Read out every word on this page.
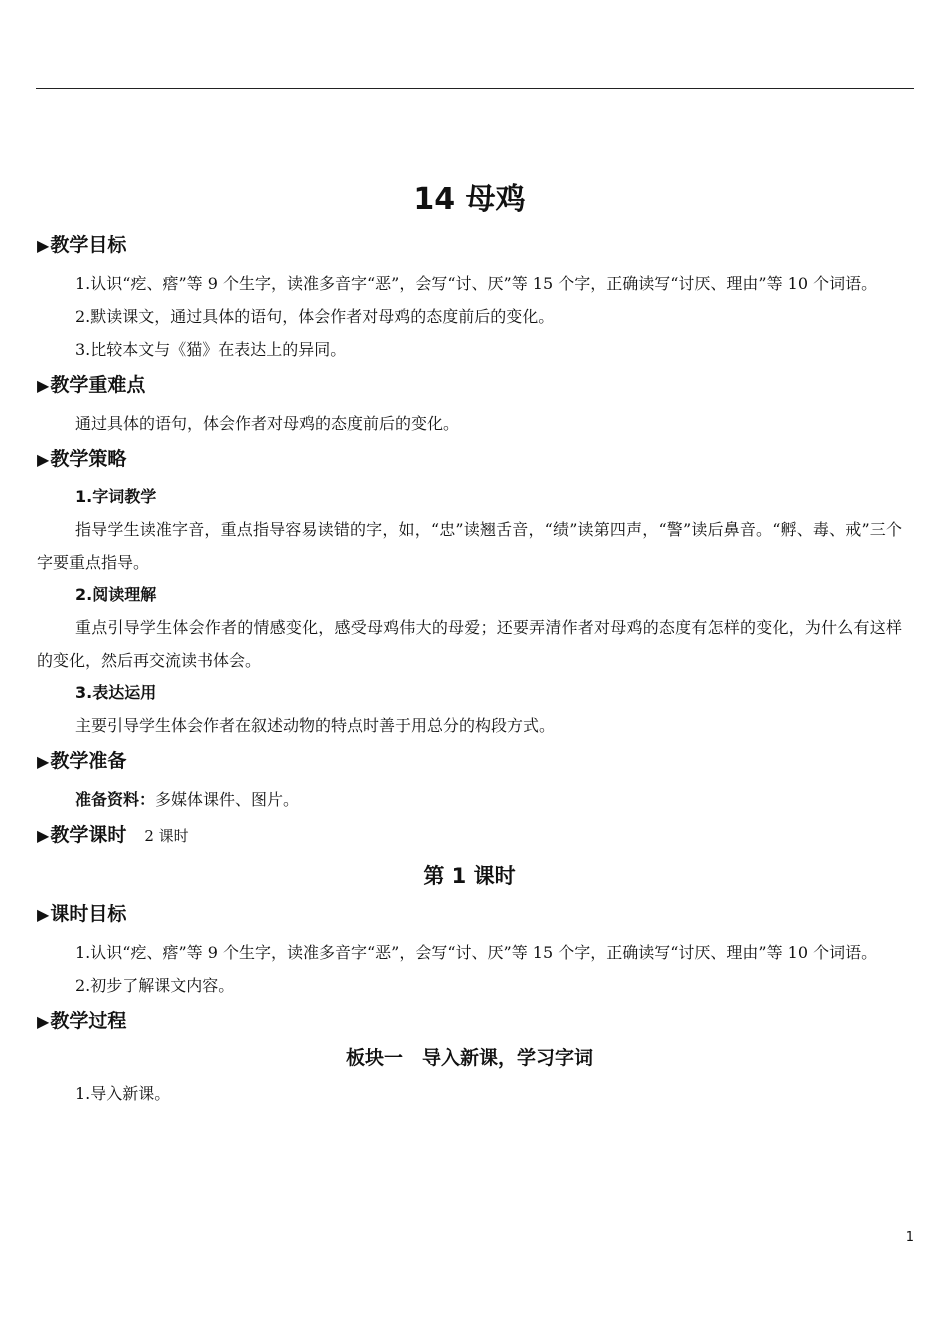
14 母鸡
▶教学目标

1.认识“疙、瘩”等 9 个生字，读准多音字“恶”，会写“讨、厌”等 15 个字，正确读写“讨厌、理由”等 10 个词语。

2.默读课文，通过具体的语句，体会作者对母鸡的态度前后的变化。

3.比较本文与《猫》在表达上的异同。

▶教学重难点

通过具体的语句，体会作者对母鸡的态度前后的变化。

▶教学策略

1.字词教学

指导学生读准字音，重点指导容易读错的字，如，“忠”读翘舌音，“绩”读第四声，“警”读后鼻音。“孵、毒、戒”三个字要重点指导。

2.阅读理解

重点引导学生体会作者的情感变化，感受母鸡伟大的母爱；还要弄清作者对母鸡的态度有怎样的变化，为什么有这样的变化，然后再交流读书体会。

3.表达运用

主要引导学生体会作者在叙述动物的特点时善于用总分的构段方式。

▶教学准备

准备资料：多媒体课件、图片。

▶教学课时 2 课时
第 1 课时
▶课时目标

1.认识“疙、瘩”等 9 个生字，读准多音字“恶”，会写“讨、厌”等 15 个字，正确读写“讨厌、理由”等 10 个词语。

2.初步了解课文内容。

▶教学过程
板块一　导入新课，学习字词

1.导入新课。

1
